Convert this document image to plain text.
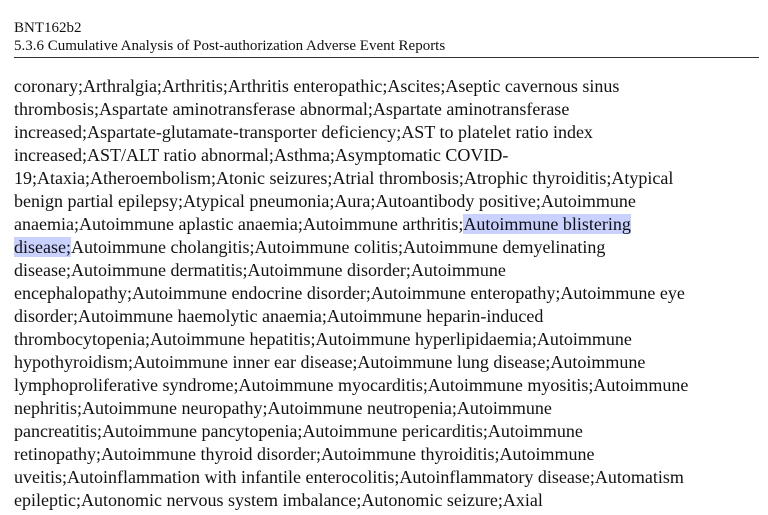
BNT162b2

5.3.6 Cumulative Analysis of Post-authorization Adverse Event Reports

coronary;Arthralgia;Arthritis;Arthritis enteropathic;Ascites;Aseptic cavernous sinus
thrombosis;Aspartate aminotransferase abnormal;Aspartate aminotransferase
increased;Aspartate-glutamate-transporter deficiency;AST to platelet ratio index
increased;AST/ALT ratio abnormal;Asthma;Asymptomatic COVID-
19;Ataxia;Atheroembolism;Atonic seizures;Atrial thrombosis;Atrophic thyroiditis;Atypical
benign partial epilepsy;Atypical pneumonia;Aura;Autoantibody positive;Autoimmune
anaemia;Autoimmune aplastic anaemia;Autoimmune arthritis;Autoimmune blistering
disease;Autoimmune cholangitis;Autoimmune colitis;Autoimmune demyelinating
disease;Autoimmune dermatitis;Autoimmune disorder;Autoimmune
encephalopathy;Autoimmune endocrine disorder;Autoimmune enteropathy;Autoimmune eye
disorder;Autoimmune haemolytic anaemia;Autoimmune heparin-induced
thrombocytopenia;Autoimmune hepatitis;Autoimmune hyperlipidaemia;Autoimmune
hypothyroidism;Autoimmune inner ear disease;Autoimmune lung disease;Autoimmune
lymphoproliferative syndrome;Autoimmune myocarditis;Autoimmune myositis;Autoimmune
nephritis;Autoimmune neuropathy;Autoimmune neutropenia;Autoimmune
pancreatitis;Autoimmune pancytopenia;Autoimmune pericarditis;Autoimmune
retinopathy;Autoimmune thyroid disorder;Autoimmune thyroiditis;Autoimmune
uveitis;Autoinflammation with infantile enterocolitis;Autoinflammatory disease;Automatism
epileptic;Autonomic nervous system imbalance;Autonomic seizure;Axial
